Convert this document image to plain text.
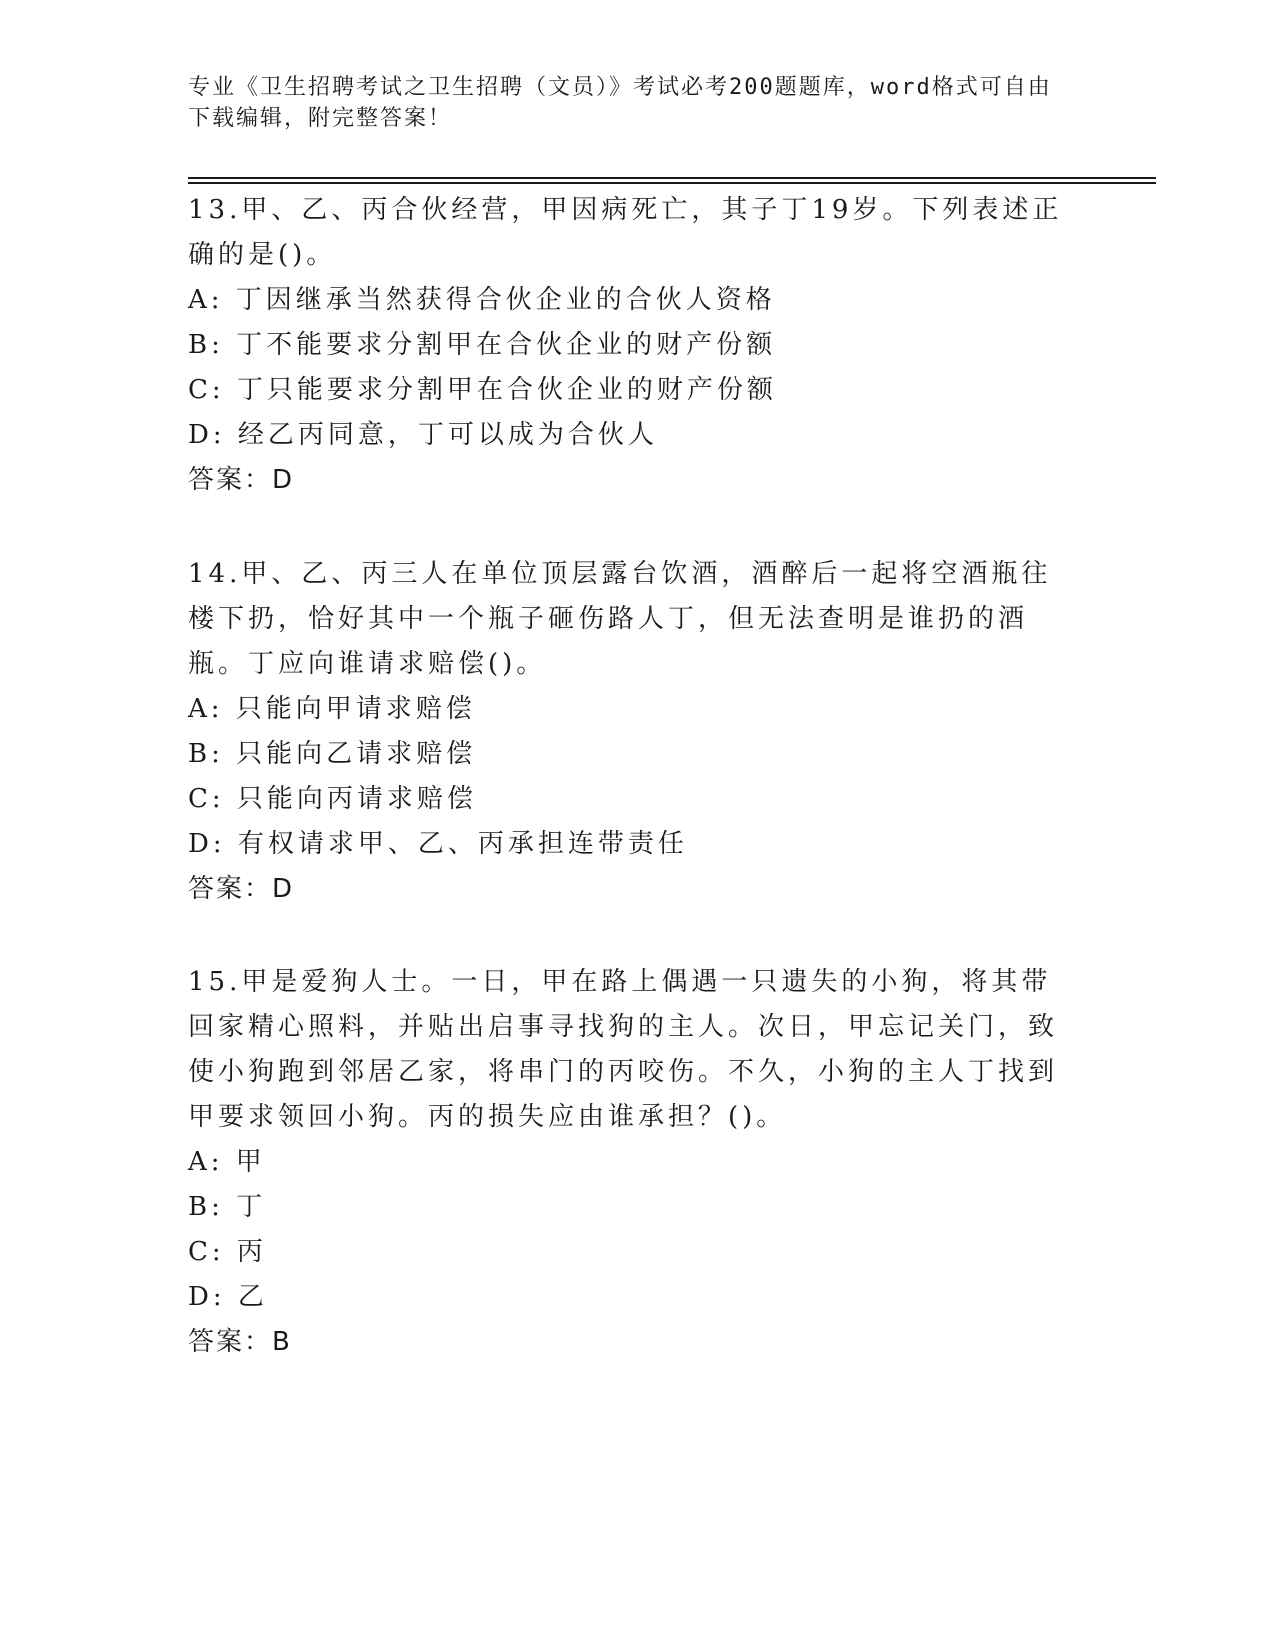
专业《卫生招聘考试之卫生招聘（文员）》考试必考200题题库，word格式可自由下载编辑，附完整答案！

13.甲、乙、丙合伙经营，甲因病死亡，其子丁19岁。下列表述正确的是()。

A: 丁因继承当然获得合伙企业的合伙人资格

B: 丁不能要求分割甲在合伙企业的财产份额

C: 丁只能要求分割甲在合伙企业的财产份额

D: 经乙丙同意，丁可以成为合伙人

答案：D

14.甲、乙、丙三人在单位顶层露台饮酒，酒醉后一起将空酒瓶往楼下扔，恰好其中一个瓶子砸伤路人丁，但无法查明是谁扔的酒瓶。丁应向谁请求赔偿()。

A: 只能向甲请求赔偿

B: 只能向乙请求赔偿

C: 只能向丙请求赔偿

D: 有权请求甲、乙、丙承担连带责任

答案：D

15.甲是爱狗人士。一日，甲在路上偶遇一只遗失的小狗，将其带回家精心照料，并贴出启事寻找狗的主人。次日，甲忘记关门，致使小狗跑到邻居乙家，将串门的丙咬伤。不久，小狗的主人丁找到甲要求领回小狗。丙的损失应由谁承担？()。

A: 甲

B: 丁

C: 丙

D: 乙

答案：B
